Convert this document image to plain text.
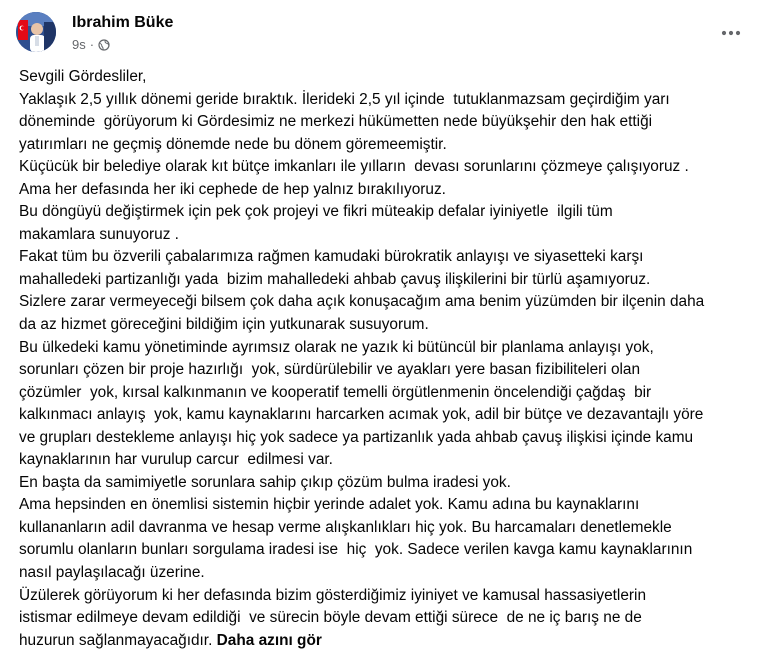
Ibrahim Büke
9s ·
Sevgili Gördesliler,
Yaklaşık 2,5 yıllık dönemi geride bıraktık. İlerideki 2,5 yıl içinde  tutuklanmazsam geçirdiğim yarı
döneminde  görüyorum ki Gördesimiz ne merkezi hükümetten nede büyükşehir den hak ettiği
yatırımları ne geçmiş dönemde nede bu dönem göremeemiştir.
Küçücük bir belediye olarak kıt bütçe imkanları ile yılların  devası sorunlarını çözmeye çalışıyoruz .
Ama her defasında her iki cephede de hep yalnız bırakılıyoruz.
Bu döngüyü değiştirmek için pek çok projeyi ve fikri müteakip defalar iyiniyetle  ilgili tüm
makamlara sunuyoruz .
Fakat tüm bu özverili çabalarımıza rağmen kamudaki bürokratik anlayışı ve siyasetteki karşı
mahalledeki partizanlığı yada  bizim mahalledeki ahbab çavuş ilişkilerini bir türlü aşamıyoruz.
Sizlere zarar vermeyeceği bilsem çok daha açık konuşacağım ama benim yüzümden bir ilçenin daha
da az hizmet göreceğini bildiğim için yutkunarak susuyorum.
Bu ülkedeki kamu yönetiminde ayrımsız olarak ne yazık ki bütüncül bir planlama anlayışı yok,
sorunları çözen bir proje hazırlığı  yok, sürdürülebilir ve ayakları yere basan fizibiliteleri olan
çözümler  yok, kırsal kalkınmanın ve kooperatif temelli örgütlenmenin öncelendiği çağdaş  bir
kalkınmacı anlayış  yok, kamu kaynaklarını harcarken acımak yok, adil bir bütçe ve dezavantajlı yöre
ve grupları destekleme anlayışı hiç yok sadece ya partizanlık yada ahbab çavuş ilişkisi içinde kamu
kaynaklarının har vurulup carcur  edilmesi var.
En başta da samimiyetle sorunlara sahip çıkıp çözüm bulma iradesi yok.
Ama hepsinden en önemlisi sistemin hiçbir yerinde adalet yok. Kamu adına bu kaynaklarını
kullananların adil davranma ve hesap verme alışkanlıkları hiç yok. Bu harcamaları denetlemekle
sorumlu olanların bunları sorgulama iradesi ise  hiç  yok. Sadece verilen kavga kamu kaynaklarının
nasıl paylaşılacağı üzerine.
Üzülerek görüyorum ki her defasında bizim gösterdiğimiz iyiniyet ve kamusal hassasiyetlerin
istismar edilmeye devam edildiği  ve sürecin böyle devam ettiği sürece  de ne iç barış ne de
huzurun sağlanmayacağıdır. Daha azını gör
